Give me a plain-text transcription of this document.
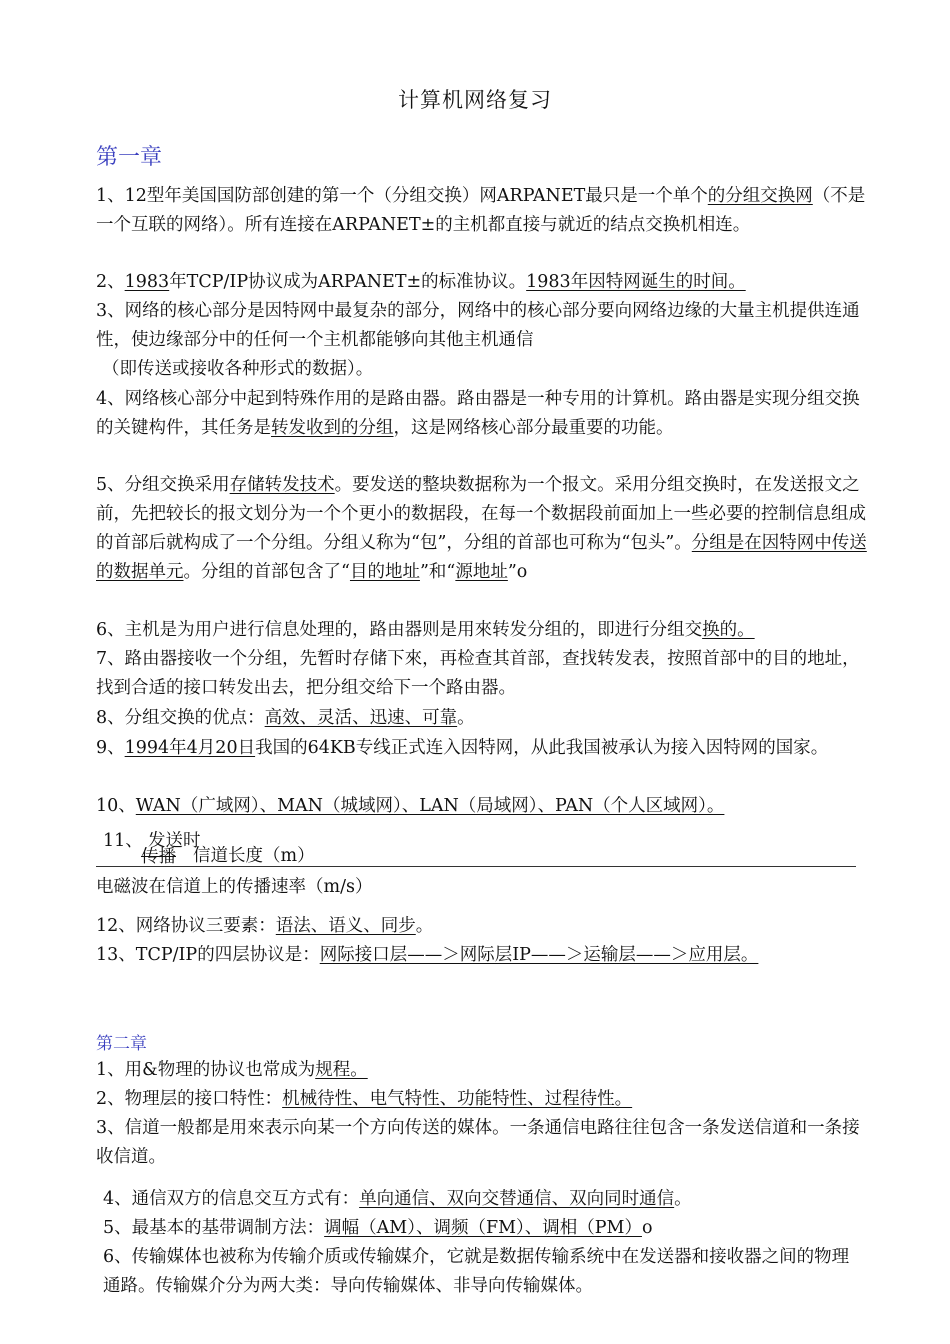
计算机网络复习
第一章

1、12型年美国国防部创建的第一个（分组交换）网ARPANET最只是一个单个的分组交换网（不是一个互联的网络）。所有连接在ARPANET±的主机都直接与就近的结点交换机相连。

2、1983年TCP/IP协议成为ARPANET±的标准协议。1983年因特网诞生的时间。

3、网络的核心部分是因特网中最复杂的部分，网络中的核心部分要向网络边缘的大量主机提供连通性，使边缘部分中的任何一个主机都能够向其他主机通信
（即传送或接收各种形式的数据）。

4、网络核心部分中起到特殊作用的是路由器。路由器是一种专用的计算机。路由器是实现分组交换的关键构件，其任务是转发收到的分组，这是网络核心部分最重要的功能。

5、分组交换采用存储转发技术。要发送的整块数据称为一个报文。采用分组交换时，在发送报文之前，先把较长的报文划分为一个个更小的数据段，在每一个数据段前面加上一些必要的控制信息组成的首部后就构成了一个分组。分组乂称为“包”，分组的首部也可称为“包头”。分组是在因特网中传送的数据单元。分组的首部包含了“目的地址”和“源地址”o

6、主机是为用户进行信息处理的，路由器则是用來转发分组的，即进行分组交换的。

7、路由器接收一个分组，先暂时存储下來，再检查其首部，查找转发表，按照首部中的目的地址，找到合适的接口转发出去，把分组交给下一个路由器。

8、分组交换的优点：高效、灵活、迅速、可靠。

9、1994年4月20日我国的64KB专线正式连入因特网，从此我国被承认为接入因特网的国家。

10、WAN（广域网）、MAN（城域网）、LAN（局域网）、PAN（个人区域网）。

11、 发送时
传播 信道长度（m）
电磁波在信道上的传播速率（m/s）

12、网络协议三要素：语法、语义、同步。

13、TCP/IP的四层协议是：网际接口层——＞网际层IP——＞运输层——＞应用层。

第二章

1、用&物理的协议也常成为规程。

2、物理层的接口特性：机械待性、电气特性、功能特性、过程待性。

3、信道一般都是用來表示向某一个方向传送的媒体。一条通信电路往往包含一条发送信道和一条接收信道。

4、通信双方的信息交互方式有：单向通信、双向交替通信、双向同时通信。

5、最基本的基带调制方法：调幅（AM）、调频（FM）、调相（PM）o

6、传输媒体也被称为传输介质或传输媒介，它就是数据传输系统中在发送器和接收器之间的物理通路。传输媒介分为两大类：导向传输媒体、非导向传输媒体。
